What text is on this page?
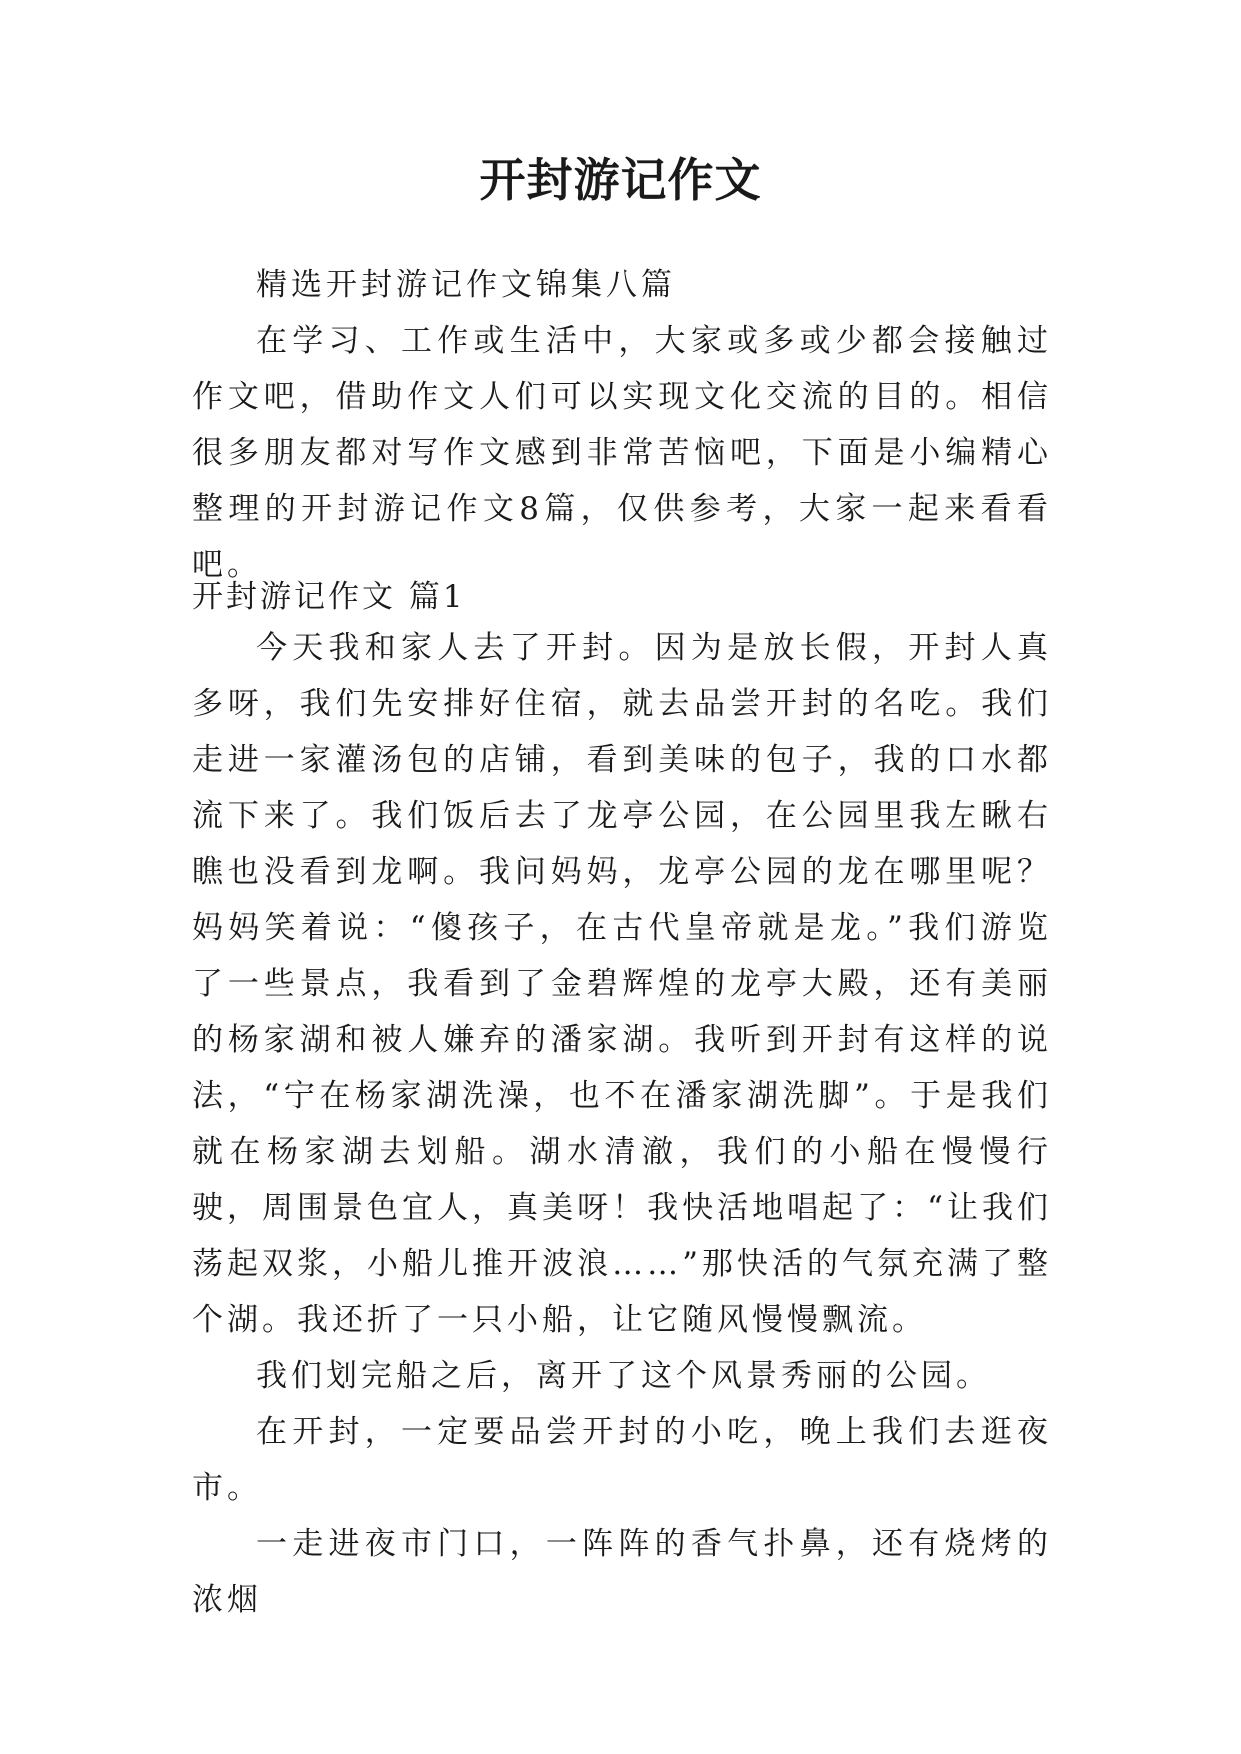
开封游记作文

精选开封游记作文锦集八篇

在学习、工作或生活中，大家或多或少都会接触过作文吧，借助作文人们可以实现文化交流的目的。相信很多朋友都对写作文感到非常苦恼吧，下面是小编精心整理的开封游记作文8篇，仅供参考，大家一起来看看吧。

开封游记作文 篇1

今天我和家人去了开封。因为是放长假，开封人真多呀，我们先安排好住宿，就去品尝开封的名吃。我们走进一家灌汤包的店铺，看到美味的包子，我的口水都流下来了。我们饭后去了龙亭公园，在公园里我左瞅右瞧也没看到龙啊。我问妈妈，龙亭公园的龙在哪里呢？妈妈笑着说：“傻孩子，在古代皇帝就是龙。”我们游览了一些景点，我看到了金碧辉煌的龙亭大殿，还有美丽的杨家湖和被人嫌弃的潘家湖。我听到开封有这样的说法，“宁在杨家湖洗澡，也不在潘家湖洗脚”。于是我们就在杨家湖去划船。湖水清澈，我们的小船在慢慢行驶，周围景色宜人，真美呀！我快活地唱起了：“让我们荡起双浆，小船儿推开波浪……”那快活的气氛充满了整个湖。我还折了一只小船，让它随风慢慢飘流。

我们划完船之后，离开了这个风景秀丽的公园。

在开封，一定要品尝开封的小吃，晚上我们去逛夜市。

一走进夜市门口，一阵阵的香气扑鼻，还有烧烤的浓烟
